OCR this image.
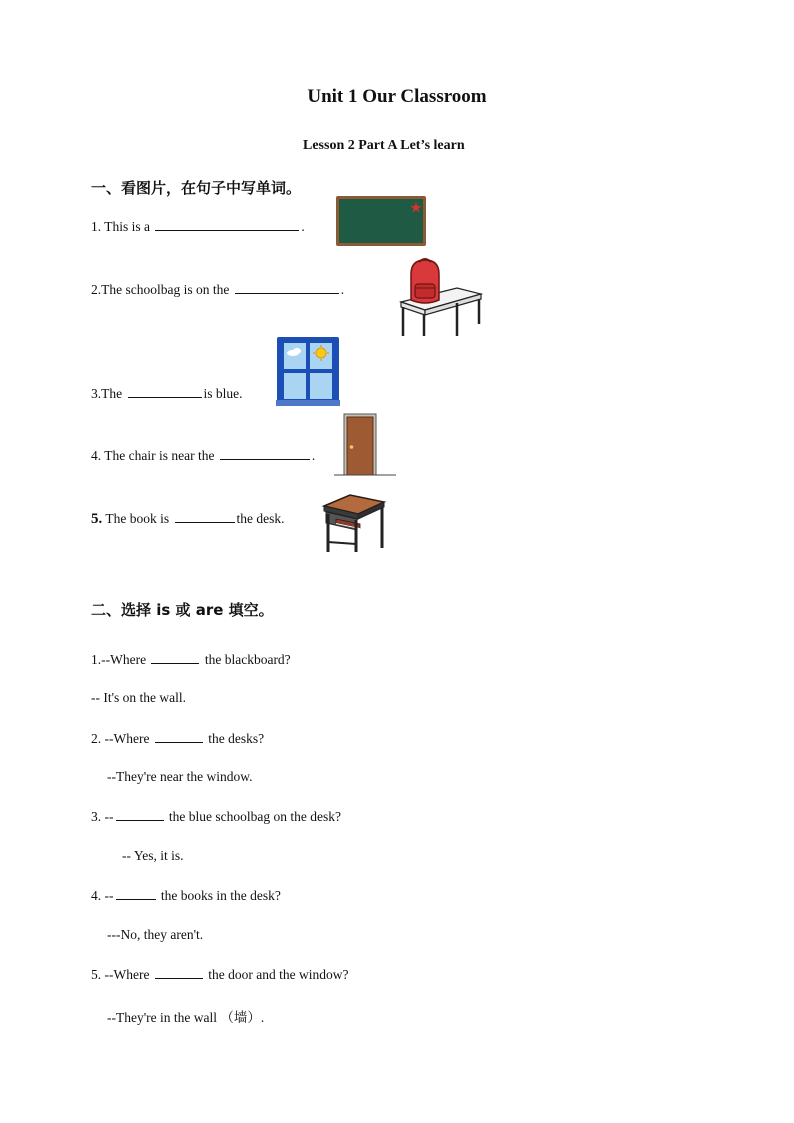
Unit 1 Our Classroom
Lesson 2 Part A Let’s learn
一、看图片，在句子中写单词。
1. This is a	.
2.The schoolbag is on the	.
3.The	is blue.
4. The chair is near the	.
5. The book is	the desk.
二、选择 is 或 are 填空。
1.--Where	the blackboard?
-- It's on the wall.
2. --Where	the desks?
--They're near the window.
3. --	the blue schoolbag on the desk?
-- Yes, it is.
4. --	the books in the desk?
---No, they aren't.
5. --Where	the door and the window?
--They're in the wall （墙）.
